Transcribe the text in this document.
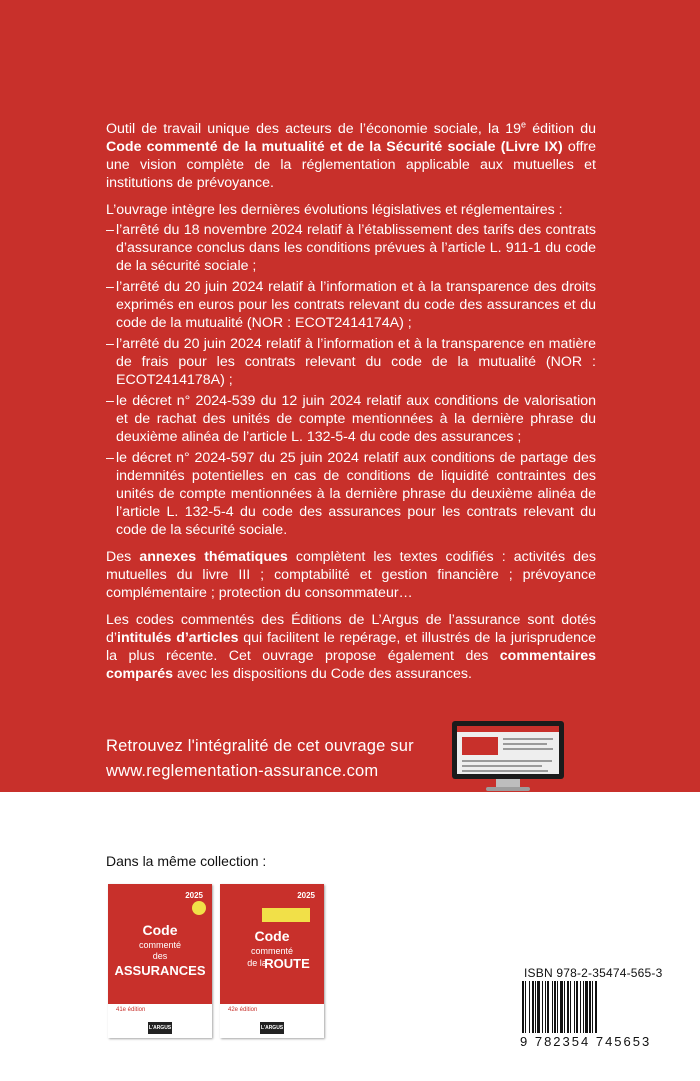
Outil de travail unique des acteurs de l’économie sociale, la 19e édition du Code commenté de la mutualité et de la Sécurité sociale (Livre IX) offre une vision complète de la réglementation applicable aux mutuelles et institutions de prévoyance.

L’ouvrage intègre les dernières évolutions législatives et réglementaires :

– l’arrêté du 18 novembre 2024 relatif à l’établissement des tarifs des contrats d’assurance conclus dans les conditions prévues à l’article L. 911-1 du code de la sécurité sociale ;
– l’arrêté du 20 juin 2024 relatif à l’information et à la transparence des droits exprimés en euros pour les contrats relevant du code des assurances et du code de la mutualité (NOR : ECOT2414174A) ;
– l’arrêté du 20 juin 2024 relatif à l’information et à la transparence en matière de frais pour les contrats relevant du code de la mutualité (NOR : ECOT2414178A) ;
– le décret n° 2024-539 du 12 juin 2024 relatif aux conditions de valorisation et de rachat des unités de compte mentionnées à la dernière phrase du deuxième alinéa de l’article L. 132-5-4 du code des assurances ;
– le décret n° 2024-597 du 25 juin 2024 relatif aux conditions de partage des indemnités potentielles en cas de conditions de liquidité contraintes des unités de compte mentionnées à la dernière phrase du deuxième alinéa de l’article L. 132-5-4 du code des assurances pour les contrats relevant du code de la sécurité sociale.

Des annexes thématiques complètent les textes codifiés : activités des mutuelles du livre III ; comptabilité et gestion financière ; prévoyance complémentaire ; protection du consommateur…

Les codes commentés des Éditions de L’Argus de l’assurance sont dotés d’intitulés d’articles qui facilitent le repérage, et illustrés de la jurisprudence la plus récente. Cet ouvrage propose également des commentaires comparés avec les dispositions du Code des assurances.

Retrouvez l'intégralité de cet ouvrage sur
www.reglementation-assurance.com
Dans la même collection :
2025
Code
commenté
des
ASSURANCES
41e édition
L'ARGUS
2025
Code
commenté
de la
ROUTE
42e édition
L'ARGUS
ISBN 978-2-35474-565-3
9 782354 745653
